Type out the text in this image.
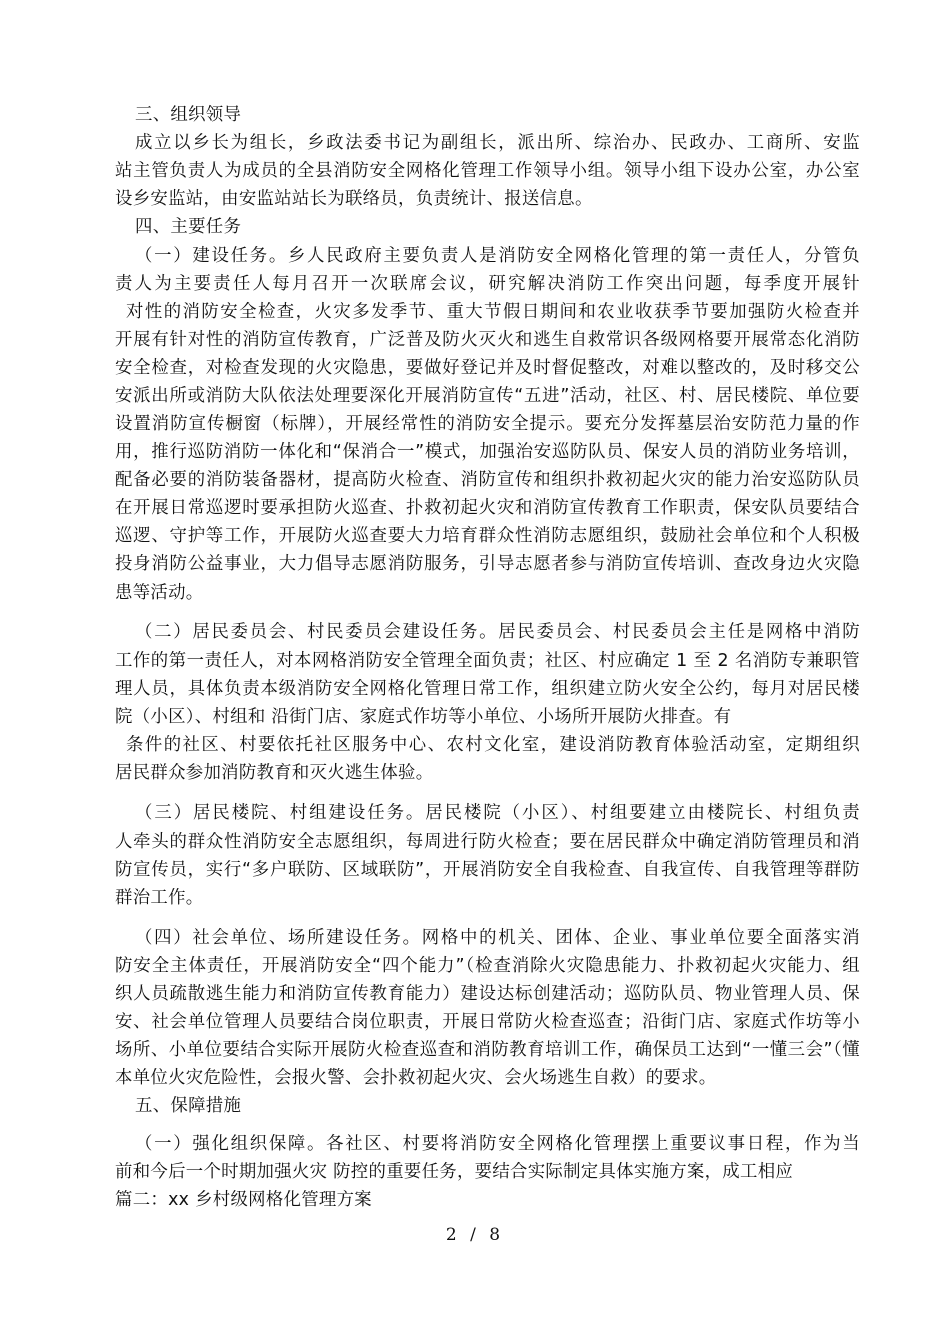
三、组织领导

成立以乡长为组长，乡政法委书记为副组长，派出所、综治办、民政办、工商所、安监

站主管负责人为成员的全县消防安全网格化管理工作领导小组。领导小组下设办公室，办公室

设乡安监站，由安监站站长为联络员，负责统计、报送信息。

四、主要任务

（一）建设任务。乡人民政府主要负责人是消防安全网格化管理的第一责任人，分管负

责人为主要责任人每月召开一次联席会议，研究解决消防工作突出问题，每季度开展针

对性的消防安全检查，火灾多发季节、重大节假日期间和农业收获季节要加强防火检查并

开展有针对性的消防宣传教育，广泛普及防火灭火和逃生自救常识各级网格要开展常态化消防

安全检查，对检查发现的火灾隐患，要做好登记并及时督促整改，对难以整改的，及时移交公

安派出所或消防大队依法处理要深化开展消防宣传“五进”活动，社区、村、居民楼院、单位要

设置消防宣传橱窗（标牌），开展经常性的消防安全提示。要充分发挥墓层治安防范力量的作

用，推行巡防消防一体化和“保消合一”模式，加强治安巡防队员、保安人员的消防业务培训，

配备必要的消防装备器材，提高防火检查、消防宣传和组织扑救初起火灾的能力治安巡防队员

在开展日常巡逻时要承担防火巡查、扑救初起火灾和消防宣传教育工作职责，保安队员要结合

巡逻、守护等工作，开展防火巡查要大力培育群众性消防志愿组织，鼓励社会单位和个人积极

投身消防公益事业，大力倡导志愿消防服务，引导志愿者参与消防宣传培训、查改身边火灾隐

患等活动。

（二）居民委员会、村民委员会建设任务。居民委员会、村民委员会主任是网格中消防

工作的第一责任人，对本网格消防安全管理全面负责；社区、村应确定 1 至 2 名消防专兼职管

理人员，具体负责本级消防安全网格化管理日常工作，组织建立防火安全公约，每月对居民楼

院（小区）、村组和 沿街门店、家庭式作坊等小单位、小场所开展防火排查。有

条件的社区、村要依托社区服务中心、农村文化室，建设消防教育体验活动室，定期组织

居民群众参加消防教育和灭火逃生体验。

（三）居民楼院、村组建设任务。居民楼院（小区）、村组要建立由楼院长、村组负责

人牵头的群众性消防安全志愿组织，每周进行防火检查；要在居民群众中确定消防管理员和消

防宣传员，实行“多户联防、区域联防”，开展消防安全自我检查、自我宣传、自我管理等群防

群治工作。

（四）社会单位、场所建设任务。网格中的机关、团体、企业、事业单位要全面落实消

防安全主体责任，开展消防安全“四个能力”（检查消除火灾隐患能力、扑救初起火灾能力、组

织人员疏散逃生能力和消防宣传教育能力）建设达标创建活动；巡防队员、物业管理人员、保

安、社会单位管理人员要结合岗位职责，开展日常防火检查巡查；沿街门店、家庭式作坊等小

场所、小单位要结合实际开展防火检查巡查和消防教育培训工作，确保员工达到“一懂三会”（懂

本单位火灾危险性，会报火警、会扑救初起火灾、会火场逃生自救）的要求。

五、保障措施

（一）强化组织保障。各社区、村要将消防安全网格化管理摆上重要议事日程，作为当

前和今后一个时期加强火灾 防控的重要任务，要结合实际制定具体实施方案，成工相应

篇二：xx 乡村级网格化管理方案

2 / 8
